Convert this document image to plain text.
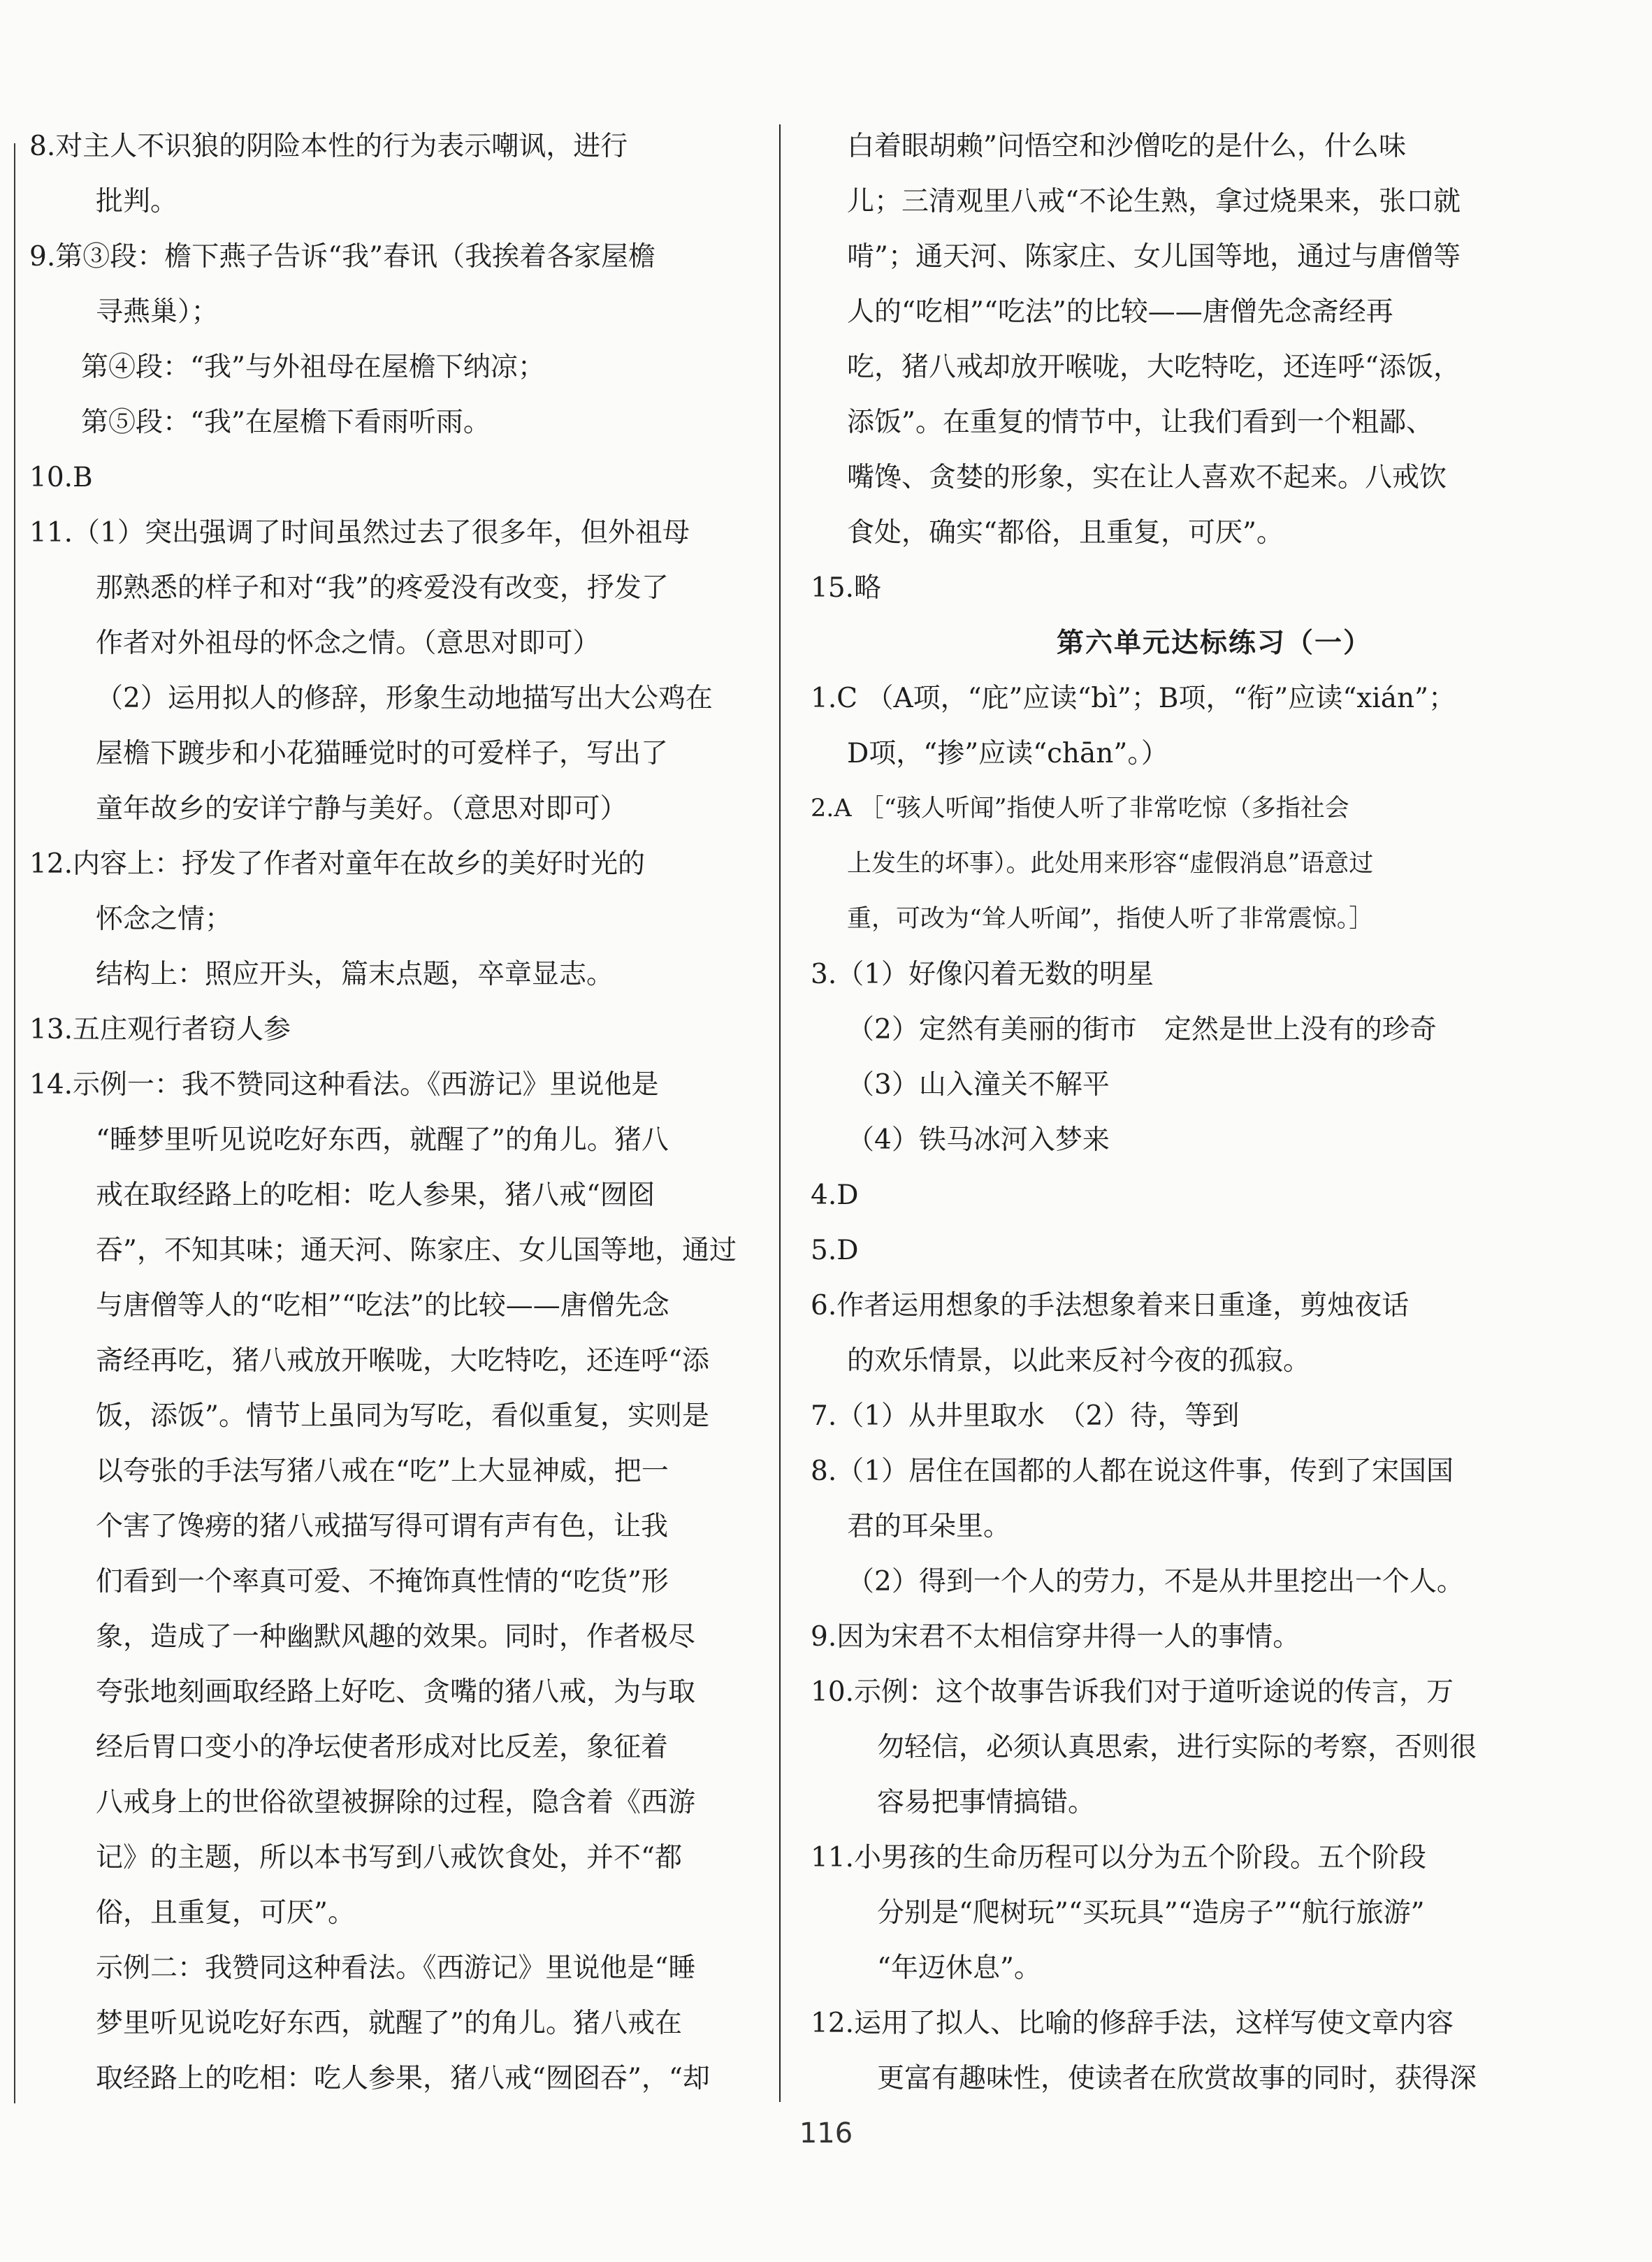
8.对主人不识狼的阴险本性的行为表示嘲讽，进行
批判。
9.第③段：檐下燕子告诉“我”春讯（我挨着各家屋檐
寻燕巢）；
第④段：“我”与外祖母在屋檐下纳凉；
第⑤段：“我”在屋檐下看雨听雨。
10.B
11.（1）突出强调了时间虽然过去了很多年，但外祖母
那熟悉的样子和对“我”的疼爱没有改变，抒发了
作者对外祖母的怀念之情。（意思对即可）
（2）运用拟人的修辞，形象生动地描写出大公鸡在
屋檐下踱步和小花猫睡觉时的可爱样子，写出了
童年故乡的安详宁静与美好。（意思对即可）
12.内容上：抒发了作者对童年在故乡的美好时光的
怀念之情；
结构上：照应开头，篇末点题，卒章显志。
13.五庄观行者窃人参
14.示例一：我不赞同这种看法。《西游记》里说他是
“睡梦里听见说吃好东西，就醒了”的角儿。猪八
戒在取经路上的吃相：吃人参果，猪八戒“囫囵
吞”，不知其味；通天河、陈家庄、女儿国等地，通过
与唐僧等人的“吃相”“吃法”的比较——唐僧先念
斋经再吃，猪八戒放开喉咙，大吃特吃，还连呼“添
饭，添饭”。情节上虽同为写吃，看似重复，实则是
以夸张的手法写猪八戒在“吃”上大显神威，把一
个害了馋痨的猪八戒描写得可谓有声有色，让我
们看到一个率真可爱、不掩饰真性情的“吃货”形
象，造成了一种幽默风趣的效果。同时，作者极尽
夸张地刻画取经路上好吃、贪嘴的猪八戒，为与取
经后胃口变小的净坛使者形成对比反差，象征着
八戒身上的世俗欲望被摒除的过程，隐含着《西游
记》的主题，所以本书写到八戒饮食处，并不“都
俗，且重复，可厌”。
示例二：我赞同这种看法。《西游记》里说他是“睡
梦里听见说吃好东西，就醒了”的角儿。猪八戒在
取经路上的吃相：吃人参果，猪八戒“囫囵吞”，“却
白着眼胡赖”问悟空和沙僧吃的是什么，什么味
儿；三清观里八戒“不论生熟，拿过烧果来，张口就
啃”；通天河、陈家庄、女儿国等地，通过与唐僧等
人的“吃相”“吃法”的比较——唐僧先念斋经再
吃，猪八戒却放开喉咙，大吃特吃，还连呼“添饭，
添饭”。在重复的情节中，让我们看到一个粗鄙、
嘴馋、贪婪的形象，实在让人喜欢不起来。八戒饮
食处，确实“都俗，且重复，可厌”。
15.略
第六单元达标练习（一）
1.C （A项，“庇”应读“bì”；B项，“衔”应读“xián”；
D项，“掺”应读“chān”。）
2.A ［“骇人听闻”指使人听了非常吃惊（多指社会
上发生的坏事）。此处用来形容“虚假消息”语意过
重，可改为“耸人听闻”，指使人听了非常震惊。］
3.（1）好像闪着无数的明星
（2）定然有美丽的街市　定然是世上没有的珍奇
（3）山入潼关不解平
（4）铁马冰河入梦来
4.D
5.D
6.作者运用想象的手法想象着来日重逢，剪烛夜话
的欢乐情景，以此来反衬今夜的孤寂。
7.（1）从井里取水　（2）待，等到
8.（1）居住在国都的人都在说这件事，传到了宋国国
君的耳朵里。
（2）得到一个人的劳力，不是从井里挖出一个人。
9.因为宋君不太相信穿井得一人的事情。
10.示例：这个故事告诉我们对于道听途说的传言，万
勿轻信，必须认真思索，进行实际的考察，否则很
容易把事情搞错。
11.小男孩的生命历程可以分为五个阶段。五个阶段
分别是“爬树玩”“买玩具”“造房子”“航行旅游”
“年迈休息”。
12.运用了拟人、比喻的修辞手法，这样写使文章内容
更富有趣味性，使读者在欣赏故事的同时，获得深
116
